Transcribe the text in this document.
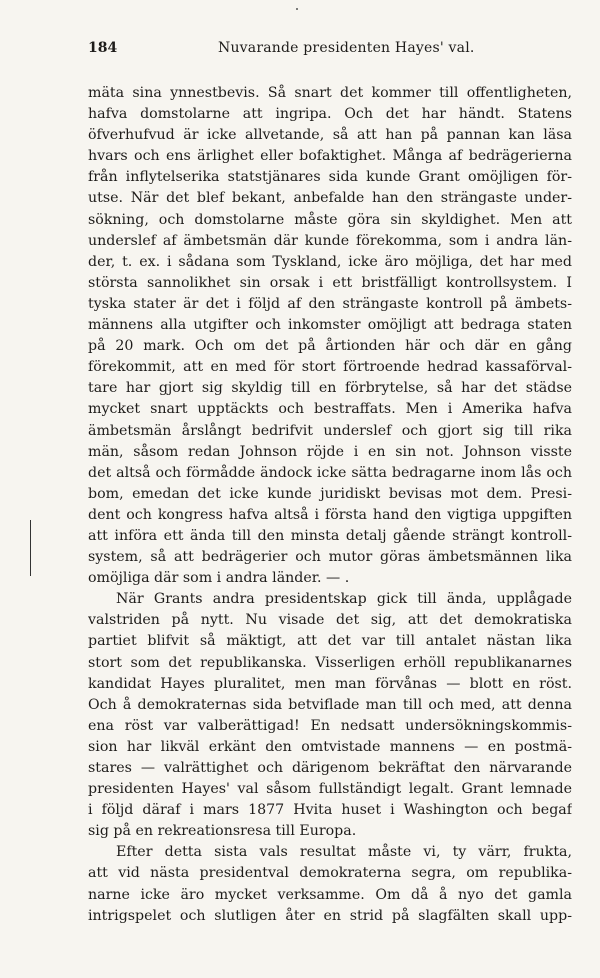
184	Nuvarande presidenten Hayes' val.
mäta sina ynnestbevis. Så snart det kommer till offentligheten,
hafva domstolarne att ingripa. Och det har händt. Statens
öfverhufvud är icke allvetande, så att han på pannan kan läsa
hvars och ens ärlighet eller bofaktighet. Många af bedrägerierna
från inflytelserika statstjänares sida kunde Grant omöjligen för-
utse. När det blef bekant, anbefalde han den strängaste under-
sökning, och domstolarne måste göra sin skyldighet. Men att
underslef af ämbetsmän där kunde förekomma, som i andra län-
der, t. ex. i sådana som Tyskland, icke äro möjliga, det har med
största sannolikhet sin orsak i ett bristfälligt kontrollsystem. I
tyska stater är det i följd af den strängaste kontroll på ämbets-
männens alla utgifter och inkomster omöjligt att bedraga staten
på 20 mark. Och om det på årtionden här och där en gång
förekommit, att en med för stort förtroende hedrad kassaförval-
tare har gjort sig skyldig till en förbrytelse, så har det städse
mycket snart upptäckts och bestraffats. Men i Amerika hafva
ämbetsmän årslångt bedrifvit underslef och gjort sig till rika
män, såsom redan Johnson röjde i en sin not. Johnson visste
det altså och förmådde ändock icke sätta bedragarne inom lås och
bom, emedan det icke kunde juridiskt bevisas mot dem. Presi-
dent och kongress hafva altså i första hand den vigtiga uppgiften
att införa ett ända till den minsta detalj gående strängt kontroll-
system, så att bedrägerier och mutor göras ämbetsmännen lika
omöjliga där som i andra länder. — .
När Grants andra presidentskap gick till ända, upplågade
valstriden på nytt. Nu visade det sig, att det demokratiska
partiet blifvit så mäktigt, att det var till antalet nästan lika
stort som det republikanska. Visserligen erhöll republikanarnes
kandidat Hayes pluralitet, men man förvånas — blott en röst.
Och å demokraternas sida betviflade man till och med, att denna
ena röst var valberättigad! En nedsatt undersökningskommis-
sion har likväl erkänt den omtvistade mannens — en postmä-
stares — valrättighet och därigenom bekräftat den närvarande
presidenten Hayes' val såsom fullständigt legalt. Grant lemnade
i följd däraf i mars 1877 Hvita huset i Washington och begaf
sig på en rekreationsresa till Europa.
Efter detta sista vals resultat måste vi, ty värr, frukta,
att vid nästa presidentval demokraterna segra, om republika-
narne icke äro mycket verksamme. Om då å nyo det gamla
intrigspelet och slutligen åter en strid på slagfälten skall upp-
